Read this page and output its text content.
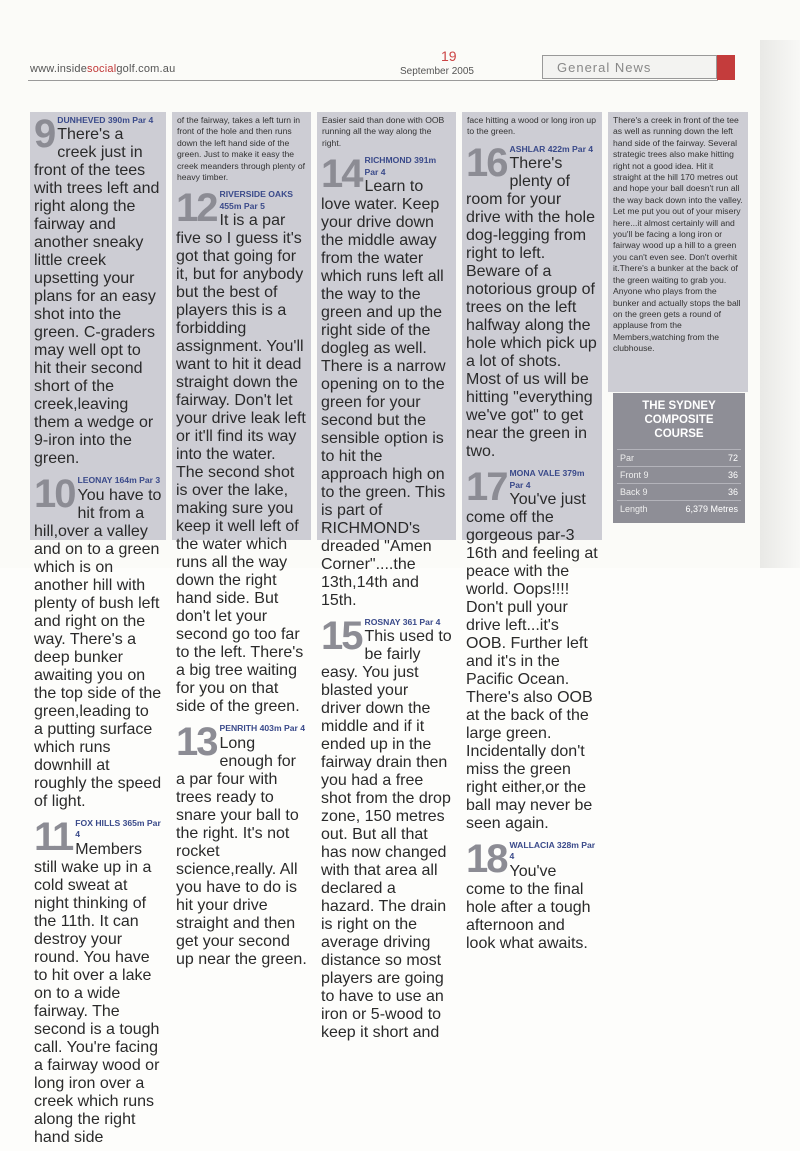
www.insidesocialgolf.com.au
19
September 2005	General News
9 DUNHEVED 390m Par 4
There's a creek just in front of the tees with trees left and right along the fairway and another sneaky little creek upsetting your plans for an easy shot into the green. C-graders may well opt to hit their second short of the creek,leaving them a wedge or 9-iron into the green.
10 LEONAY 164m Par 3
You have to hit from a hill,over a valley and on to a green which is on another hill with plenty of bush left and right on the way. There's a deep bunker awaiting you on the top side of the green,leading to a putting surface which runs downhill at roughly the speed of light.
11 FOX HILLS 365m Par 4
Members still wake up in a cold sweat at night thinking of the 11th. It can destroy your round. You have to hit over a lake on to a wide fairway. The second is a tough call. You're facing a fairway wood or long iron over a creek which runs along the right hand side
of the fairway, takes a left turn in front of the hole and then runs down the left hand side of the green. Just to make it easy the creek meanders through plenty of heavy timber.
12 RIVERSIDE OAKS 455m Par 5
It is a par five so I guess it's got that going for it, but for anybody but the best of players this is a forbidding assignment. You'll want to hit it dead straight down the fairway. Don't let your drive leak left or it'll find its way into the water. The second shot is over the lake, making sure you keep it well left of the water which runs all the way down the right hand side. But don't let your second go too far to the left. There's a big tree waiting for you on that side of the green.
13 PENRITH 403m Par 4
Long enough for a par four with trees ready to snare your ball to the right. It's not rocket science,really. All you have to do is hit your drive straight and then get your second up near the green.
Easier said than done with OOB running all the way along the right.
14 RICHMOND 391m Par 4
Learn to love water. Keep your drive down the middle away from the water which runs left all the way to the green and up the right side of the dogleg as well. There is a narrow opening on to the green for your second but the sensible option is to hit the approach high on to the green. This is part of RICHMOND's dreaded "Amen Corner"....the 13th,14th and 15th.
15 ROSNAY 361 Par 4
This used to be fairly easy. You just blasted your driver down the middle and if it ended up in the fairway drain then you had a free shot from the drop zone, 150 metres out. But all that has now changed with that area all declared a hazard. The drain is right on the average driving distance so most players are going to have to use an iron or 5-wood to keep it short and
face hitting a wood or long iron up to the green.
16 ASHLAR 422m Par 4
There's plenty of room for your drive with the hole dog-legging from right to left. Beware of a notorious group of trees on the left halfway along the hole which pick up a lot of shots. Most of us will be hitting "everything we've got" to get near the green in two.
17 MONA VALE 379m Par 4
You've just come off the gorgeous par-3 16th and feeling at peace with the world. Oops!!!! Don't pull your drive left...it's OOB. Further left and it's in the Pacific Ocean. There's also OOB at the back of the large green. Incidentally don't miss the green right either,or the ball may never be seen again.
18 WALLACIA 328m Par 4
You've come to the final hole after a tough afternoon and look what awaits.
There's a creek in front of the tee as well as running down the left hand side of the fairway. Several strategic trees also make hitting right not a good idea. Hit it straight at the hill 170 metres out and hope your ball doesn't run all the way back down into the valley. Let me put you out of your misery here...it almost certainly will and you'll be facing a long iron or fairway wood up a hill to a green you can't even see. Don't overhit it.There's a bunker at the back of the green waiting to grab you. Anyone who plays from the bunker and actually stops the ball on the green gets a round of applause from the Members,watching from the clubhouse.
THE SYDNEY
COMPOSITE
COURSE
Par	72
Front 9	36
Back 9	36
Length	6,379 Metres
